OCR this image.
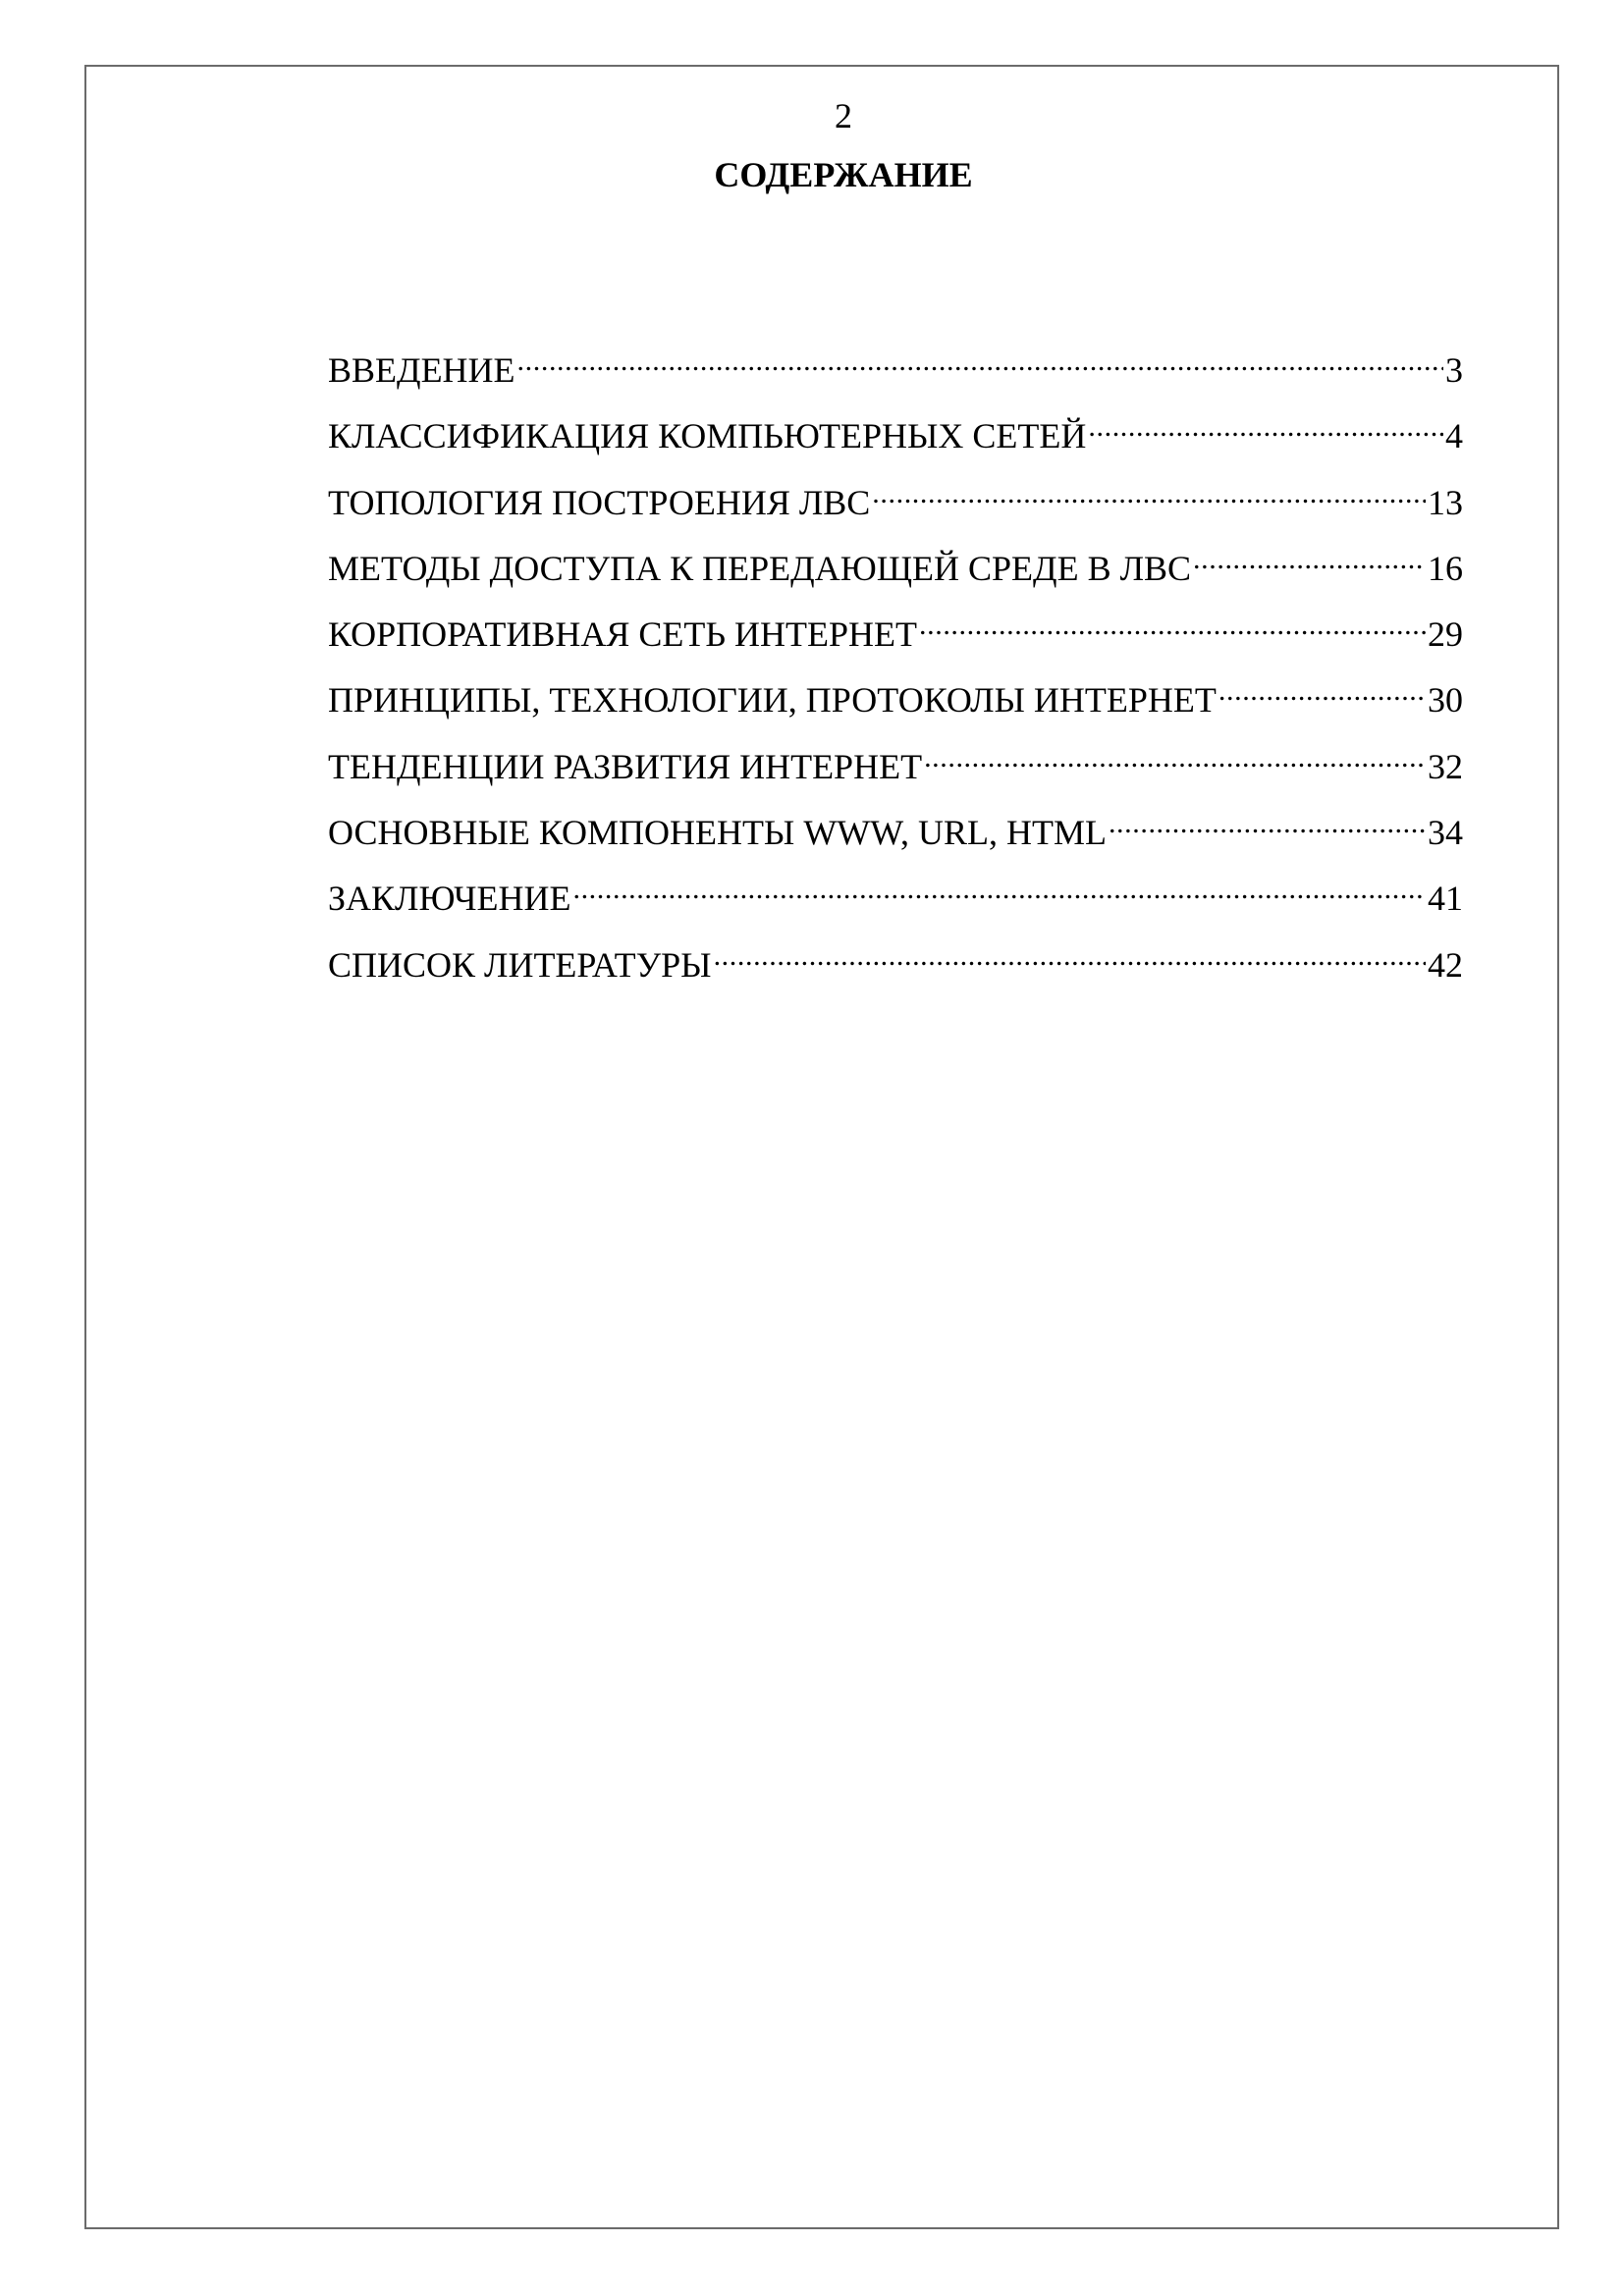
2
СОДЕРЖАНИЕ
ВВЕДЕНИЕ .....	3
КЛАССИФИКАЦИЯ КОМПЬЮТЕРНЫХ СЕТЕЙ .....	4
ТОПОЛОГИЯ ПОСТРОЕНИЯ ЛВС .....	13
МЕТОДЫ ДОСТУПА К ПЕРЕДАЮЩЕЙ СРЕДЕ В ЛВС .....	16
КОРПОРАТИВНАЯ СЕТЬ ИНТЕРНЕТ .....	29
ПРИНЦИПЫ, ТЕХНОЛОГИИ, ПРОТОКОЛЫ ИНТЕРНЕТ .....	30
ТЕНДЕНЦИИ РАЗВИТИЯ ИНТЕРНЕТ .....	32
ОСНОВНЫЕ КОМПОНЕНТЫ WWW, URL, HTML .....	34
ЗАКЛЮЧЕНИЕ .....	41
СПИСОК ЛИТЕРАТУРЫ .....	42
